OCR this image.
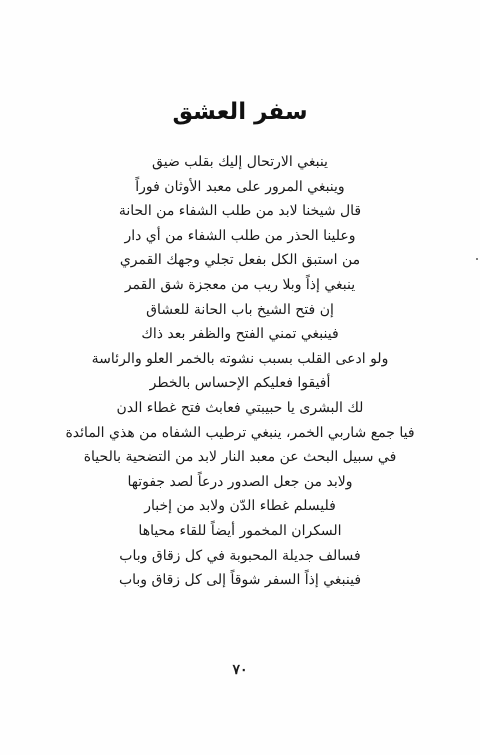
سفر العشق
ينبغي الارتحال إليك بقلب ضيق
وينبغي المرور على معبد الأوثان فوراً
قال شيخنا لابد من طلب الشفاء من الحانة
وعلينا الحذر من طلب الشفاء من أي دار
من استبق الكل بفعل تجلي وجهك القمري
ينبغي إذاً وبلا ريب من معجزة شق القمر
إن فتح الشيخ باب الحانة للعشاق
فينبغي تمني الفتح والظفر بعد ذاك
ولو ادعى القلب بسبب نشوته بالخمر العلو والرئاسة
أفيقوا فعليكم الإحساس بالخطر
لك البشرى يا حبيبتي فعابث فتح غطاء الدن
فيا جمع شاربي الخمر، ينبغي ترطيب الشفاه من هذي المائدة
في سبيل البحث عن معبد النار لابد من التضحية بالحياة
ولابد من جعل الصدور درعاً لصد جفوتها
فليسلم غطاء الدّن ولابد من إخبار
السكران المخمور أيضاً للقاء محياها
فسالف جديلة المحبوبة في كل زقاق وباب
فينبغي إذاً السفر شوقاً إلى كل زقاق وباب
٧٠
